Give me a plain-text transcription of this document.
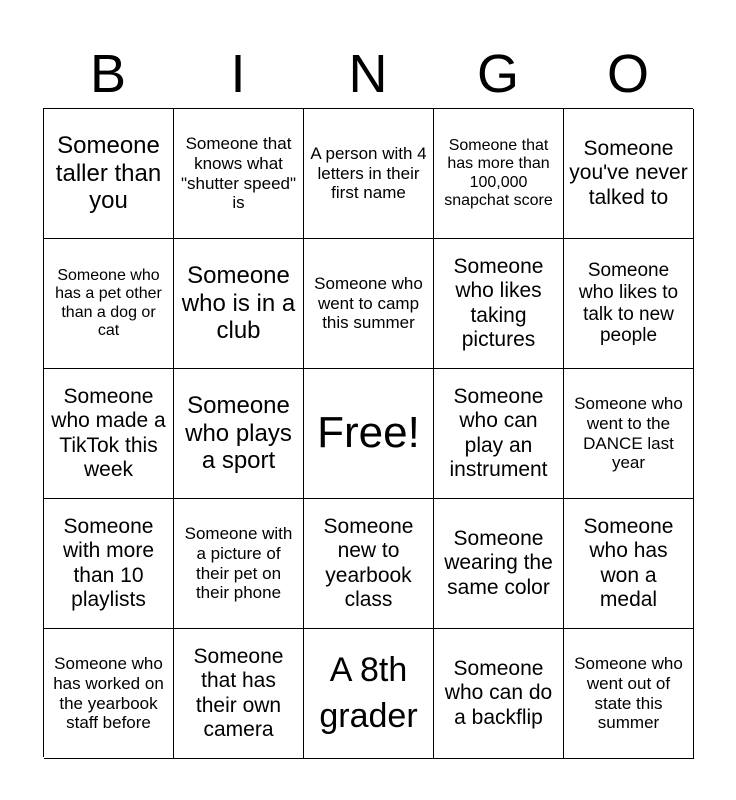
B	I	N	G	O
Someone taller than you
Someone that knows what "shutter speed" is
A person with 4 letters in their first name
Someone that has more than 100,000 snapchat score
Someone you've never talked to
Someone who has a pet other than a dog or cat
Someone who is in a club
Someone who went to camp this summer
Someone who likes taking pictures
Someone who likes to talk to new people
Someone who made a TikTok this week
Someone who plays a sport
Free!
Someone who can play an instrument
Someone who went to the DANCE last year
Someone with more than 10 playlists
Someone with a picture of their pet on their phone
Someone new to yearbook class
Someone wearing the same color
Someone who has won a medal
Someone who has worked on the yearbook staff before
Someone that has their own camera
A 8th grader
Someone who can do a backflip
Someone who went out of state this summer
